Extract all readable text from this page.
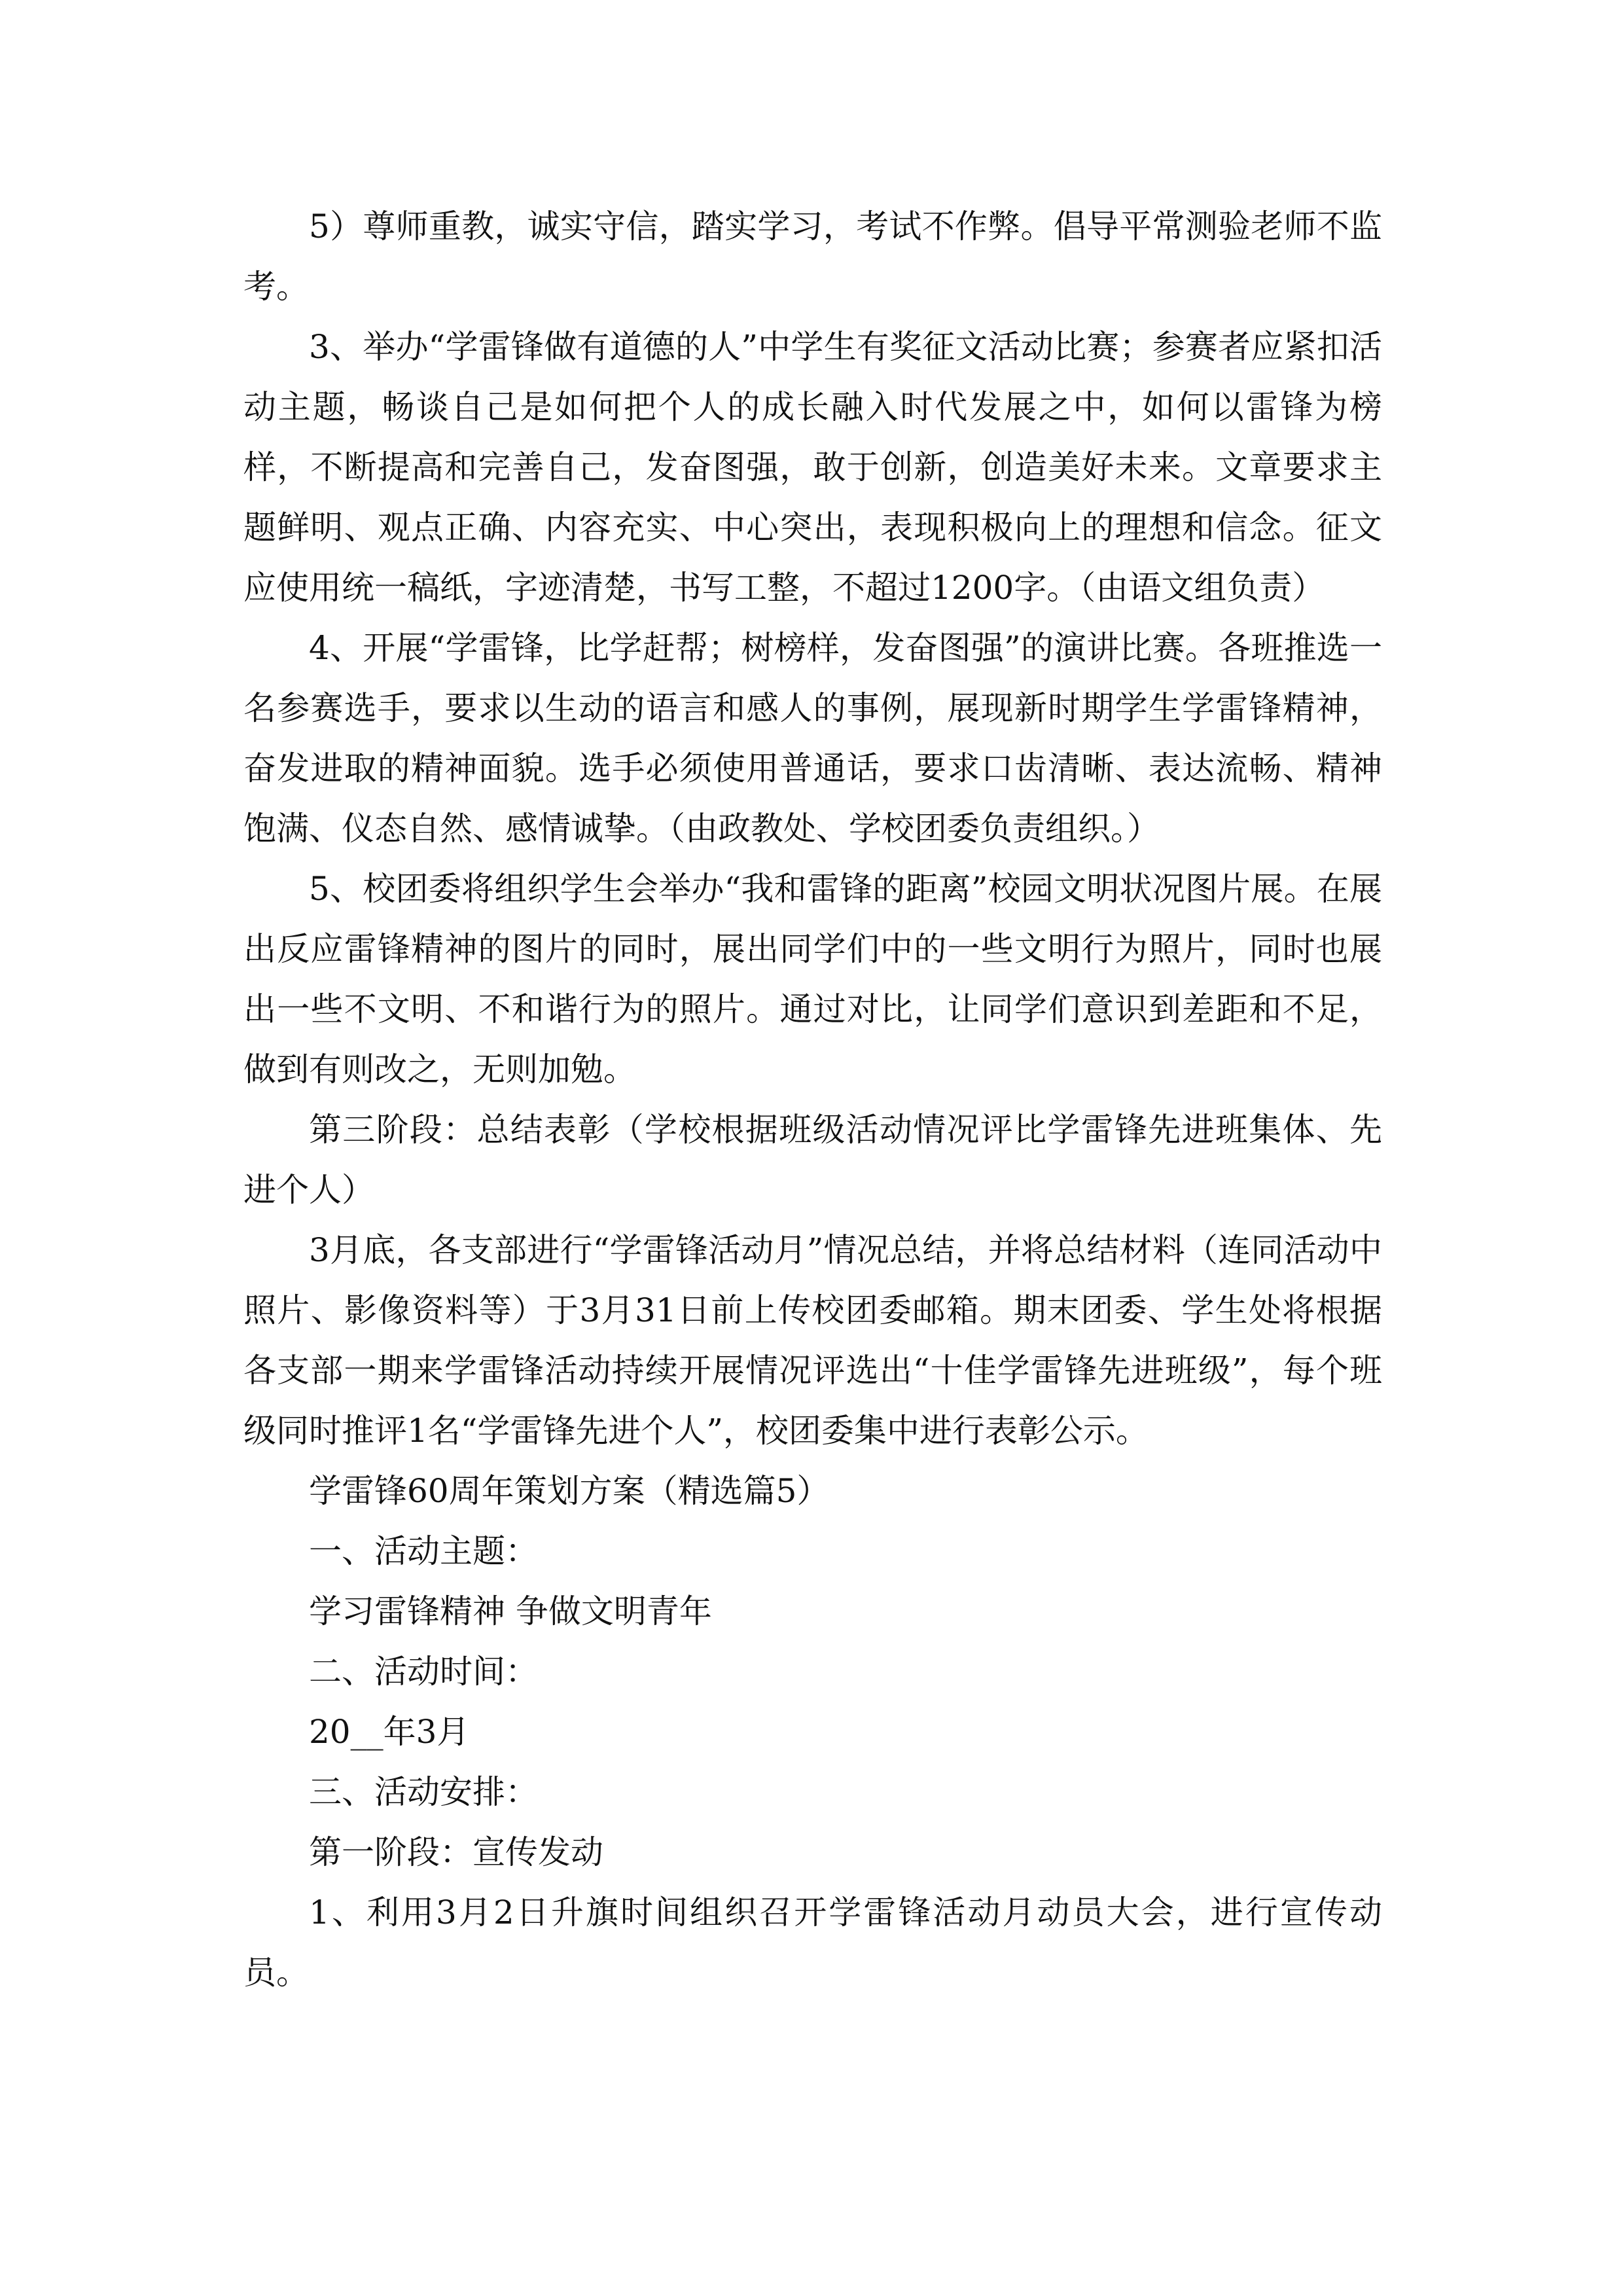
5）尊师重教，诚实守信，踏实学习，考试不作弊。倡导平常测验老师不监考。

3、举办“学雷锋做有道德的人”中学生有奖征文活动比赛；参赛者应紧扣活动主题，畅谈自己是如何把个人的成长融入时代发展之中，如何以雷锋为榜样，不断提高和完善自己，发奋图强，敢于创新，创造美好未来。文章要求主题鲜明、观点正确、内容充实、中心突出，表现积极向上的理想和信念。征文应使用统一稿纸，字迹清楚，书写工整，不超过1200字。（由语文组负责）

4、开展“学雷锋，比学赶帮；树榜样，发奋图强”的演讲比赛。各班推选一名参赛选手，要求以生动的语言和感人的事例，展现新时期学生学雷锋精神，奋发进取的精神面貌。选手必须使用普通话，要求口齿清晰、表达流畅、精神饱满、仪态自然、感情诚挚。（由政教处、学校团委负责组织。）

5、校团委将组织学生会举办“我和雷锋的距离”校园文明状况图片展。在展出反应雷锋精神的图片的同时，展出同学们中的一些文明行为照片，同时也展出一些不文明、不和谐行为的照片。通过对比，让同学们意识到差距和不足，做到有则改之，无则加勉。

第三阶段：总结表彰（学校根据班级活动情况评比学雷锋先进班集体、先进个人）

3月底，各支部进行“学雷锋活动月”情况总结，并将总结材料（连同活动中照片、影像资料等）于3月31日前上传校团委邮箱。期末团委、学生处将根据各支部一期来学雷锋活动持续开展情况评选出“十佳学雷锋先进班级”，每个班级同时推评1名“学雷锋先进个人”，校团委集中进行表彰公示。

学雷锋60周年策划方案（精选篇5）

一、活动主题：

学习雷锋精神 争做文明青年

二、活动时间：

20__年3月

三、活动安排：

第一阶段：宣传发动

1、利用3月2日升旗时间组织召开学雷锋活动月动员大会，进行宣传动员。
